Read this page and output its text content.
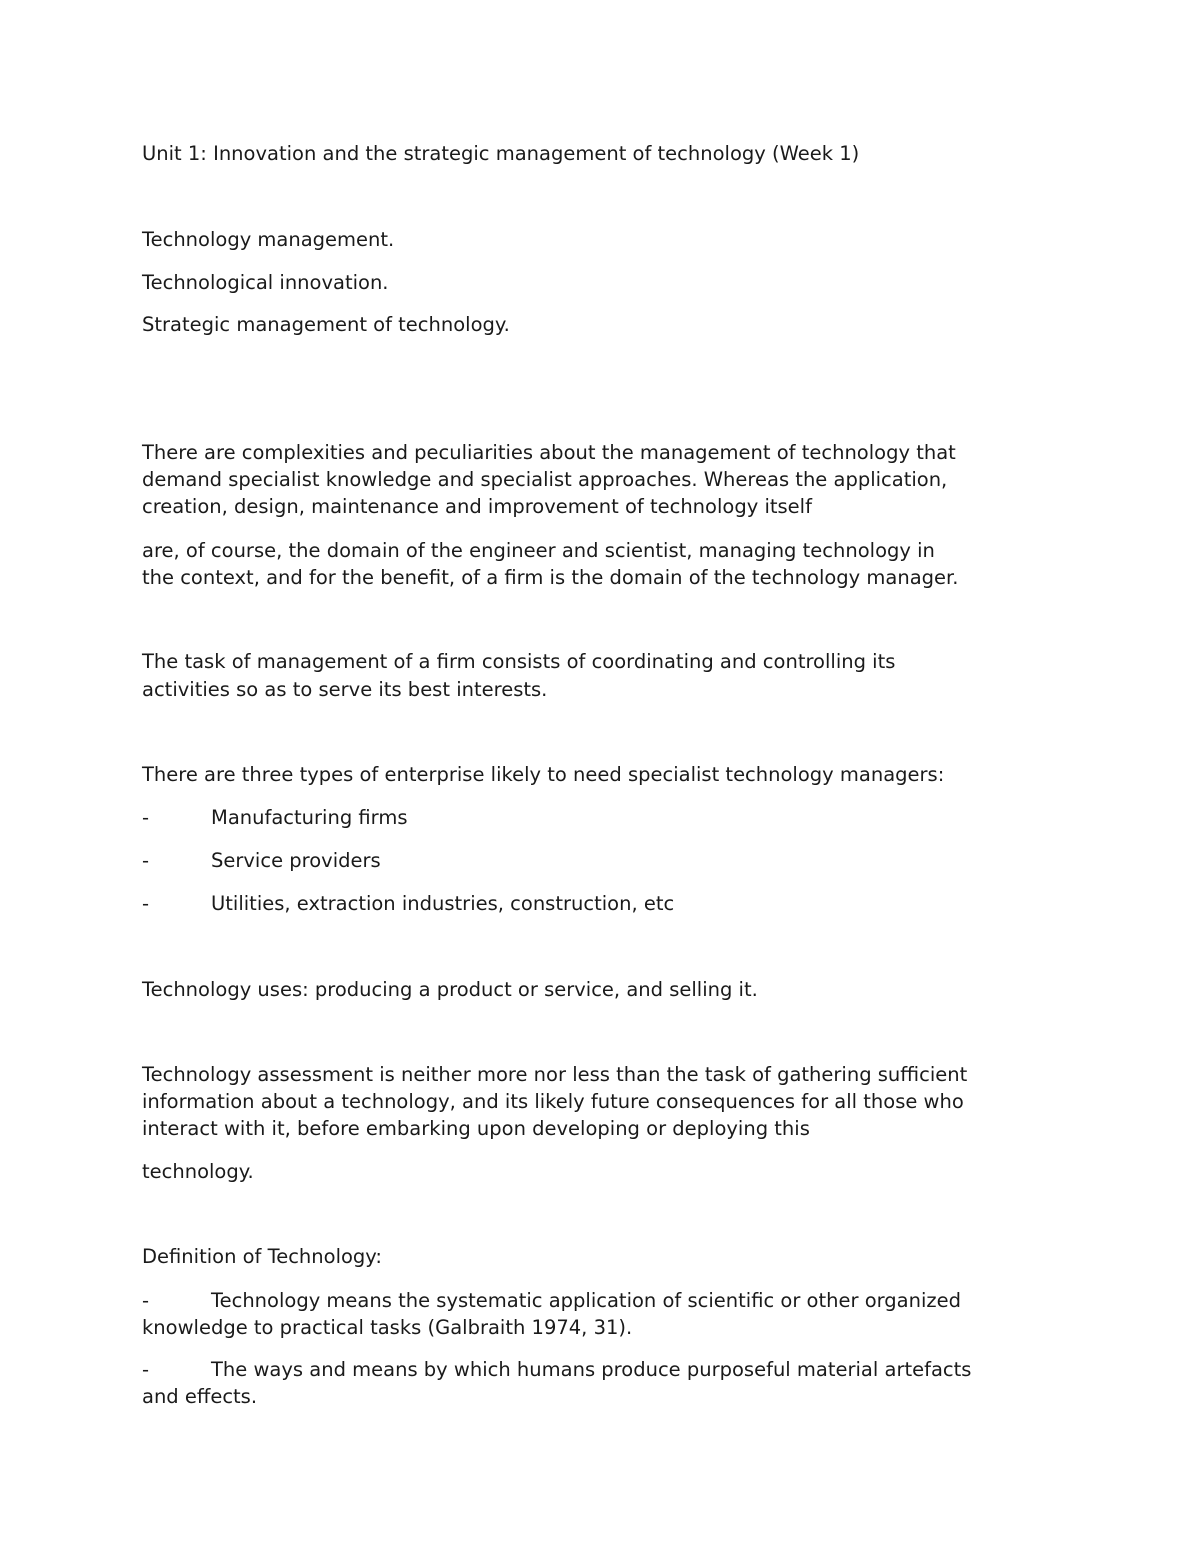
Unit 1: Innovation and the strategic management of technology (Week 1)

Technology management.

Technological innovation.

Strategic management of technology.

There are complexities and peculiarities about the management of technology that

demand specialist knowledge and specialist approaches. Whereas the application,

creation, design, maintenance and improvement of technology itself

are, of course, the domain of the engineer and scientist, managing technology in

the context, and for the benefit, of a firm is the domain of the technology manager.

The task of management of a firm consists of coordinating and controlling its

activities so as to serve its best interests.

There are three types of enterprise likely to need specialist technology managers:

-	Manufacturing firms

-	Service providers

-	Utilities, extraction industries, construction, etc

Technology uses: producing a product or service, and selling it.

Technology assessment is neither more nor less than the task of gathering sufficient

information about a technology, and its likely future consequences for all those who

interact with it, before embarking upon developing or deploying this

technology.

Definition of Technology:

-	Technology means the systematic application of scientific or other organized

knowledge to practical tasks (Galbraith 1974, 31).

-	The ways and means by which humans produce purposeful material artefacts

and effects.
